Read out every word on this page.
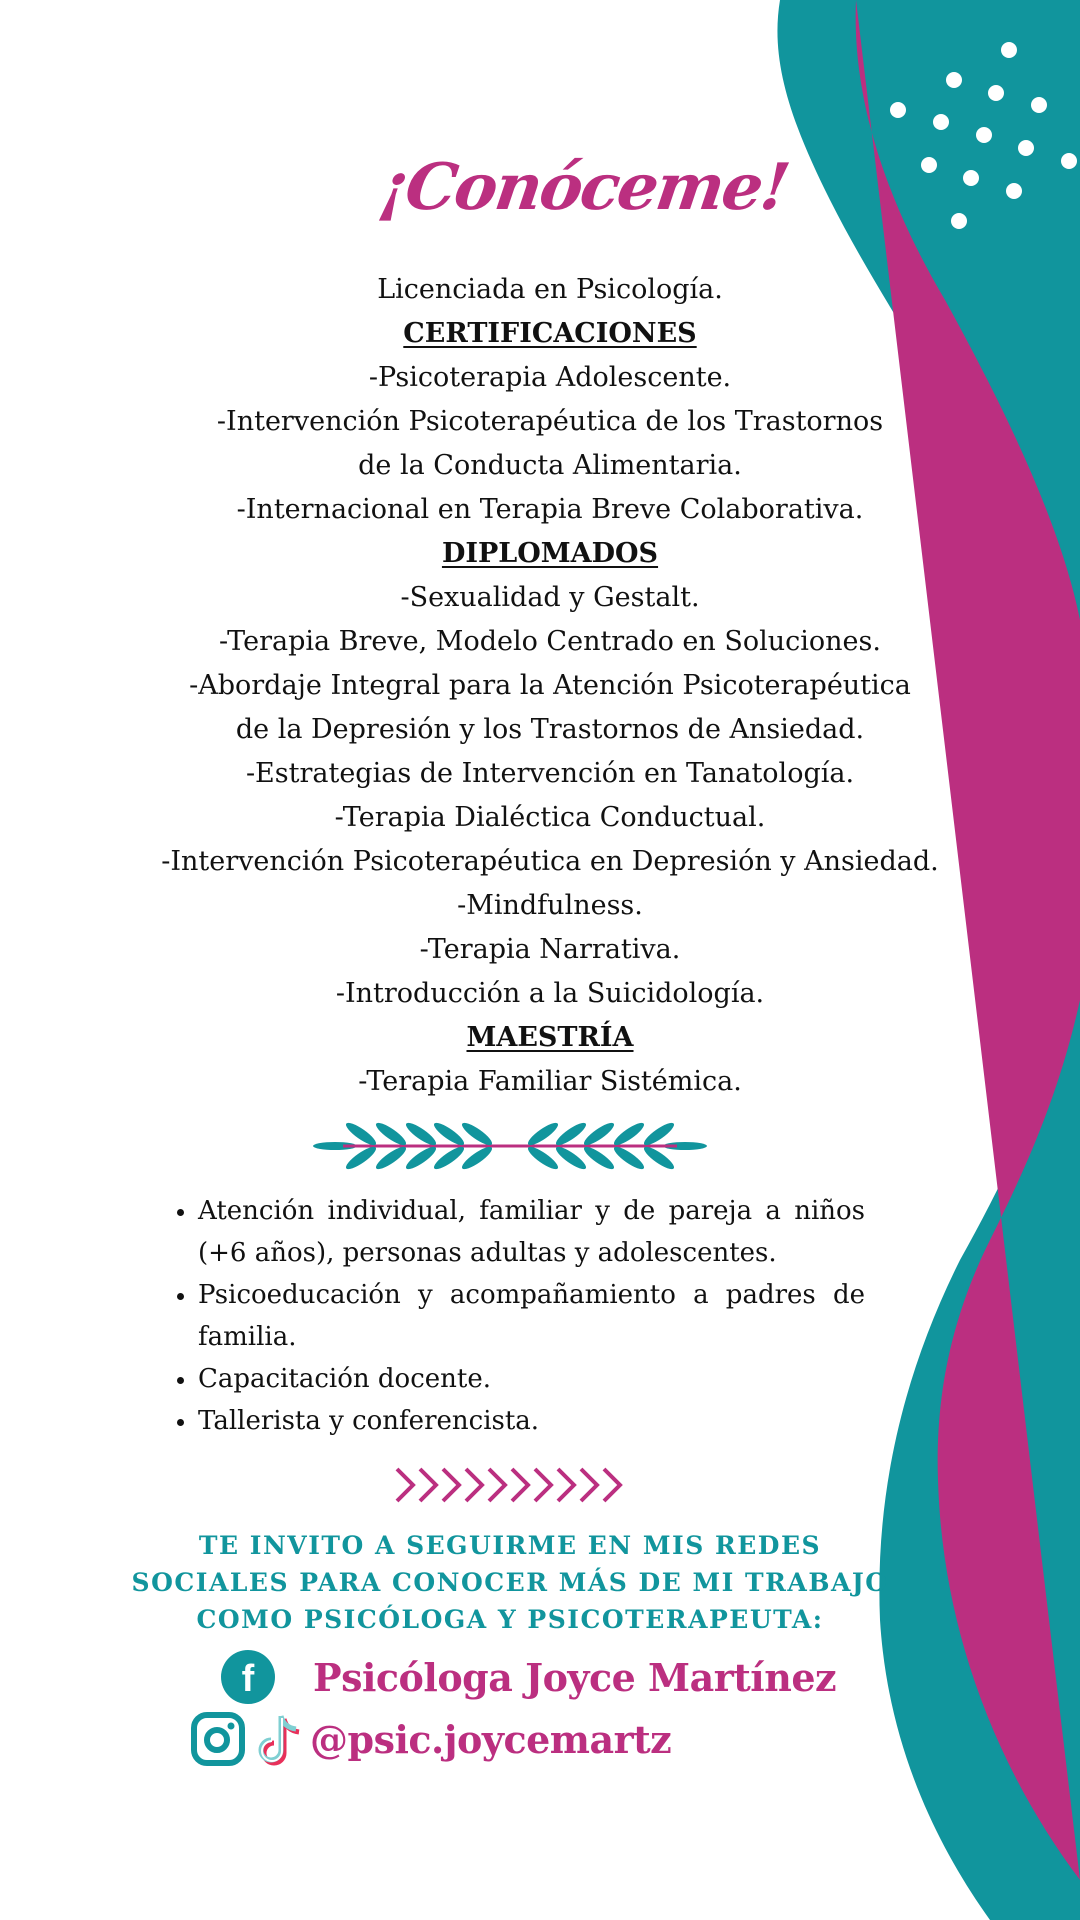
¡Conóceme!
Licenciada en Psicología.
CERTIFICACIONES
-Psicoterapia Adolescente.
-Intervención Psicoterapéutica de los Trastornos
de la Conducta Alimentaria.
-Internacional en Terapia Breve Colaborativa.
DIPLOMADOS
-Sexualidad y Gestalt.
-Terapia Breve, Modelo Centrado en Soluciones.
-Abordaje Integral para la Atención Psicoterapéutica
de la Depresión y los Trastornos de Ansiedad.
-Estrategias de Intervención en Tanatología.
-Terapia Dialéctica Conductual.
-Intervención Psicoterapéutica en Depresión y Ansiedad.
-Mindfulness.
-Terapia Narrativa.
-Introducción a la Suicidología.
MAESTRÍA
-Terapia Familiar Sistémica.
• Atención individual, familiar y de pareja a niños (+6 años), personas adultas y adolescentes.
• Psicoeducación y acompañamiento a padres de familia.
• Capacitación docente.
• Tallerista y conferencista.
TE INVITO A SEGUIRME EN MIS REDES
SOCIALES PARA CONOCER MÁS DE MI TRABAJO
COMO PSICÓLOGA Y PSICOTERAPEUTA:
f Psicóloga Joyce Martínez
@psic.joycemartz
